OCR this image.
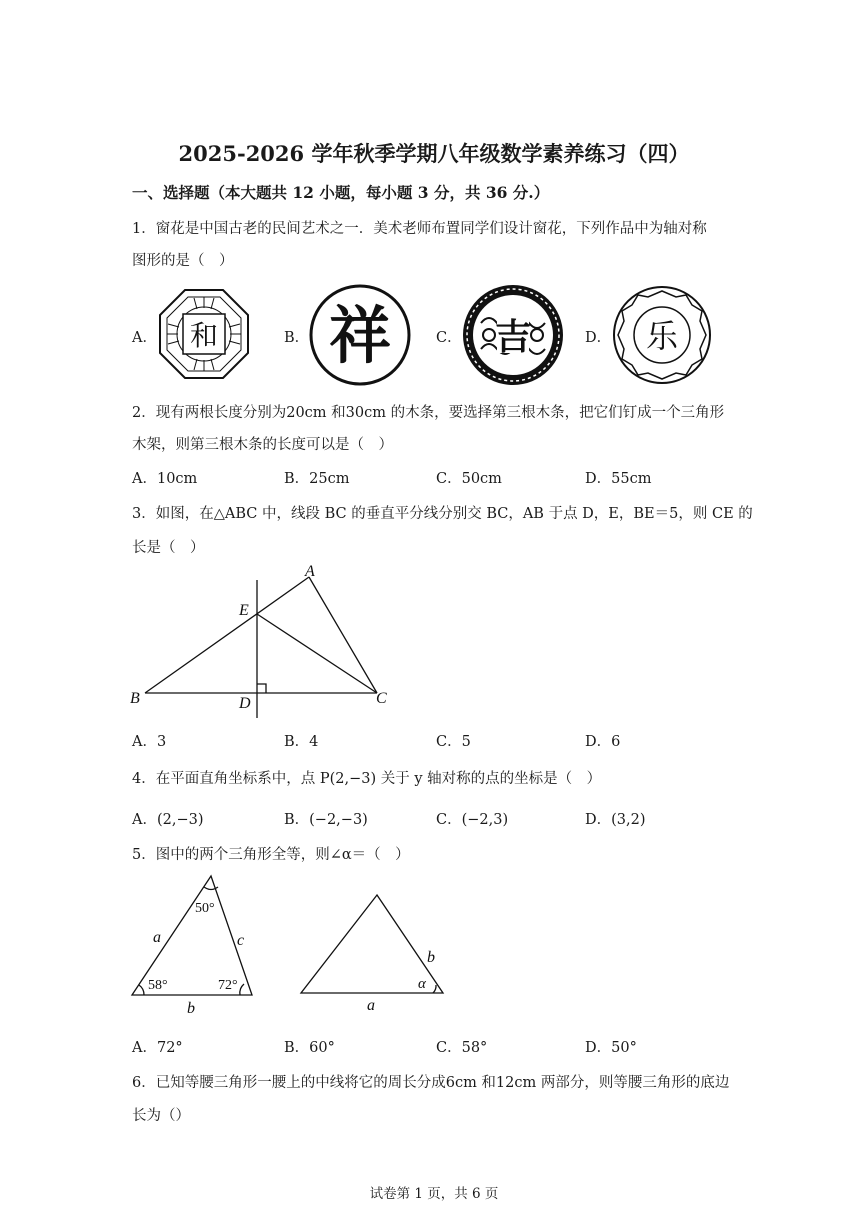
2025-2026 学年秋季学期八年级数学素养练习（四）
一、选择题（本大题共 12 小题，每小题 3 分，共 36 分.）
1．窗花是中国古老的民间艺术之一．美术老师布置同学们设计窗花，下列作品中为轴对称
图形的是（　）
A． 和	B． 祥	C． 吉	D． 乐
2．现有两根长度分别为20cm 和30cm 的木条，要选择第三根木条，把它们钉成一个三角形
木架，则第三根木条的长度可以是（　）
A．10cm	B．25cm	C．50cm	D．55cm
3．如图，在△ABC 中，线段 BC 的垂直平分线分别交 BC，AB 于点 D，E，BE＝5，则 CE 的
长是（　）
A
E
B	D	C
A．3	B．4	C．5	D．6
4．在平面直角坐标系中，点 P(2,−3) 关于 y 轴对称的点的坐标是（　）
A．(2,−3)	B．(−2,−3)	C．(−2,3)	D．(3,2)
5．图中的两个三角形全等，则∠α＝（　）
50°
58°	72°
a	c
b
b
a
α
A．72°	B．60°	C．58°	D．50°
6．已知等腰三角形一腰上的中线将它的周长分成6cm 和12cm 两部分，则等腰三角形的底边
长为（）
试卷第 1 页，共 6 页
